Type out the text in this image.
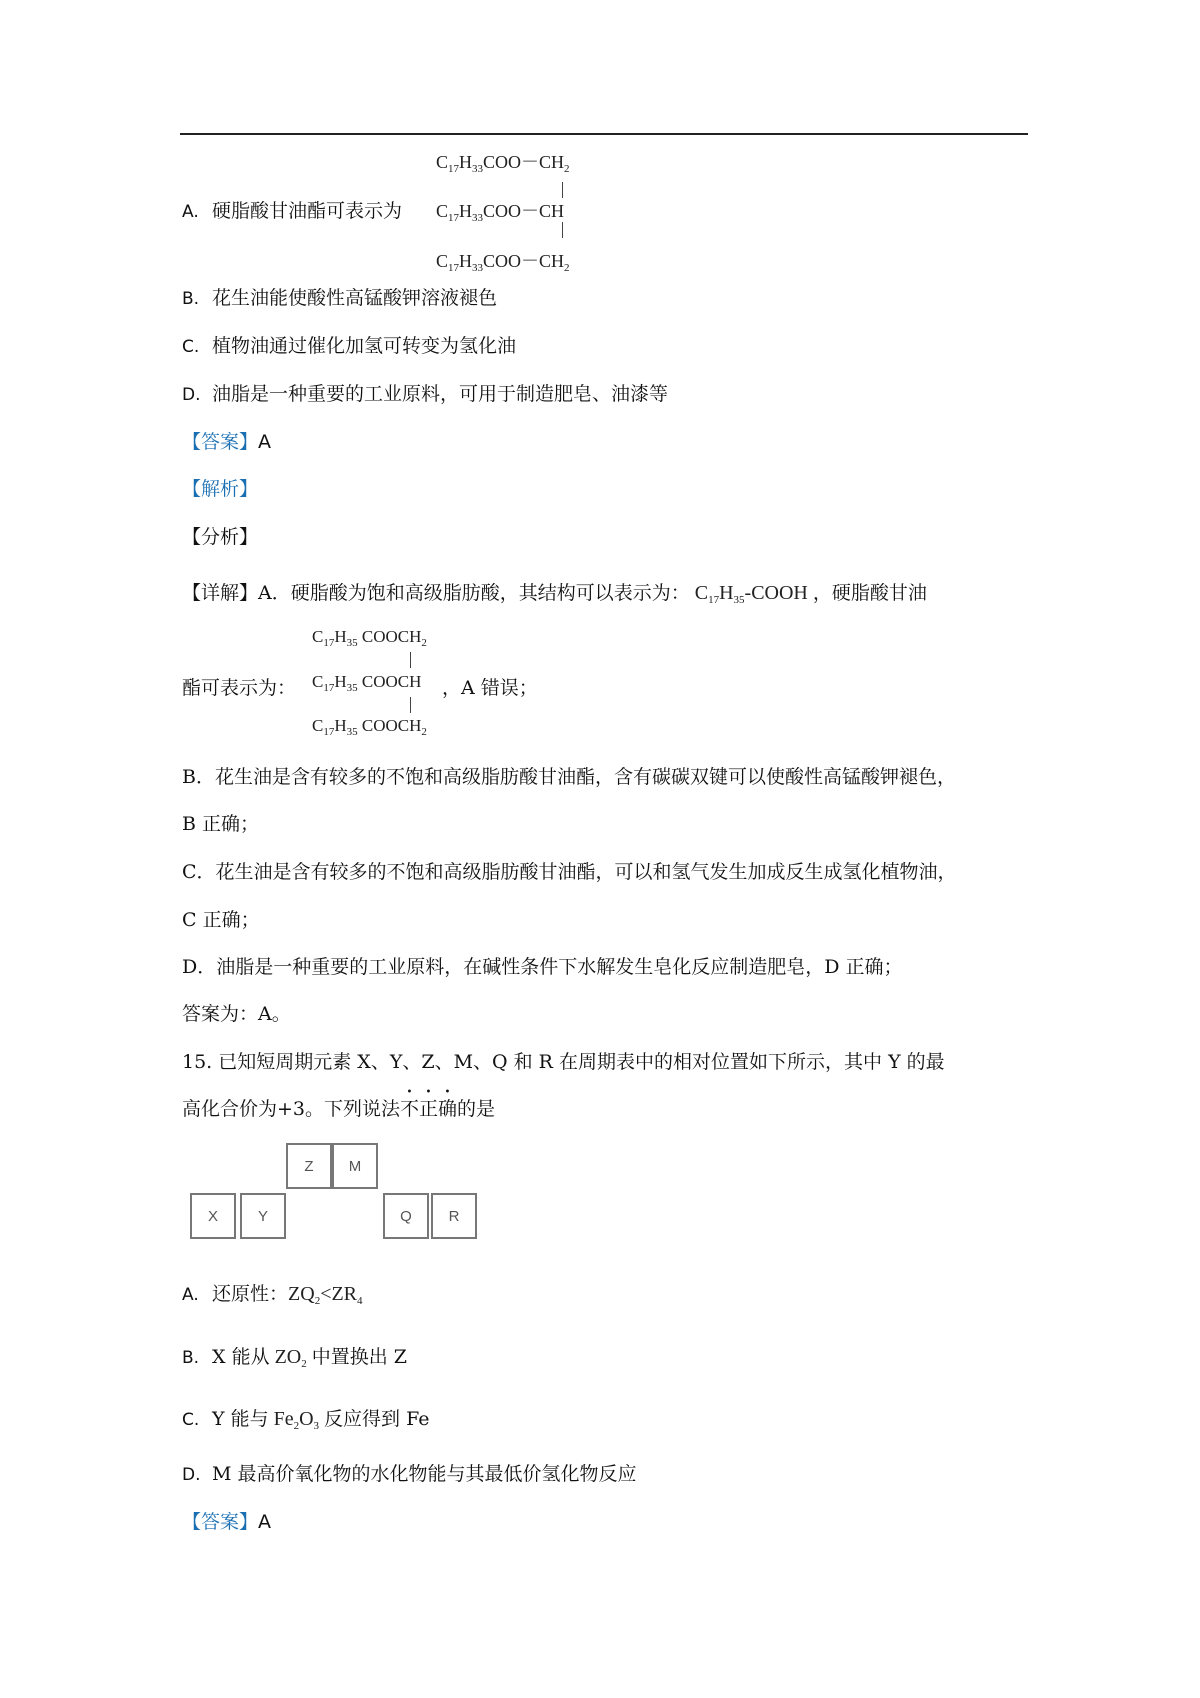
$C_{17}H_{33}COO-CH_2$
A. 硬脂酸甘油酯可表示为 $C_{17}H_{33}COO-CH$
$C_{17}H_{33}COO-CH_2$
B. 花生油能使酸性高锰酸钾溶液褪色
C. 植物油通过催化加氢可转变为氢化油
D. 油脂是一种重要的工业原料，可用于制造肥皂、油漆等
【答案】A
【解析】
【分析】
【详解】A．硬脂酸为饱和高级脂肪酸，其结构可以表示为： $C_{17}H_{35}$-COOH ，硬脂酸甘油
$C_{17}H_{35}$ $COOCH_2$
酯可表示为： $C_{17}H_{35}$ COOCH ，A 错误；
$C_{17}H_{35}$ $COOCH_2$
B．花生油是含有较多的不饱和高级脂肪酸甘油酯，含有碳碳双键可以使酸性高锰酸钾褪色，
B 正确；
C．花生油是含有较多的不饱和高级脂肪酸甘油酯，可以和氢气发生加成反生成氢化植物油，
C 正确；
D．油脂是一种重要的工业原料，在碱性条件下水解发生皂化反应制造肥皂，D 正确；
答案为：A。
15. 已知短周期元素 X、Y、Z、M、Q 和 R 在周期表中的相对位置如下所示，其中 Y 的最
高化合价为+3。下列说法不正确的是
Z	M
X	Y	Q	R
A. 还原性：$ZQ_2<ZR_4$
B. X 能从 $ZO_2$ 中置换出 Z
C. Y 能与 $Fe_2O_3$ 反应得到 Fe
D. M 最高价氧化物的水化物能与其最低价氢化物反应
【答案】A
